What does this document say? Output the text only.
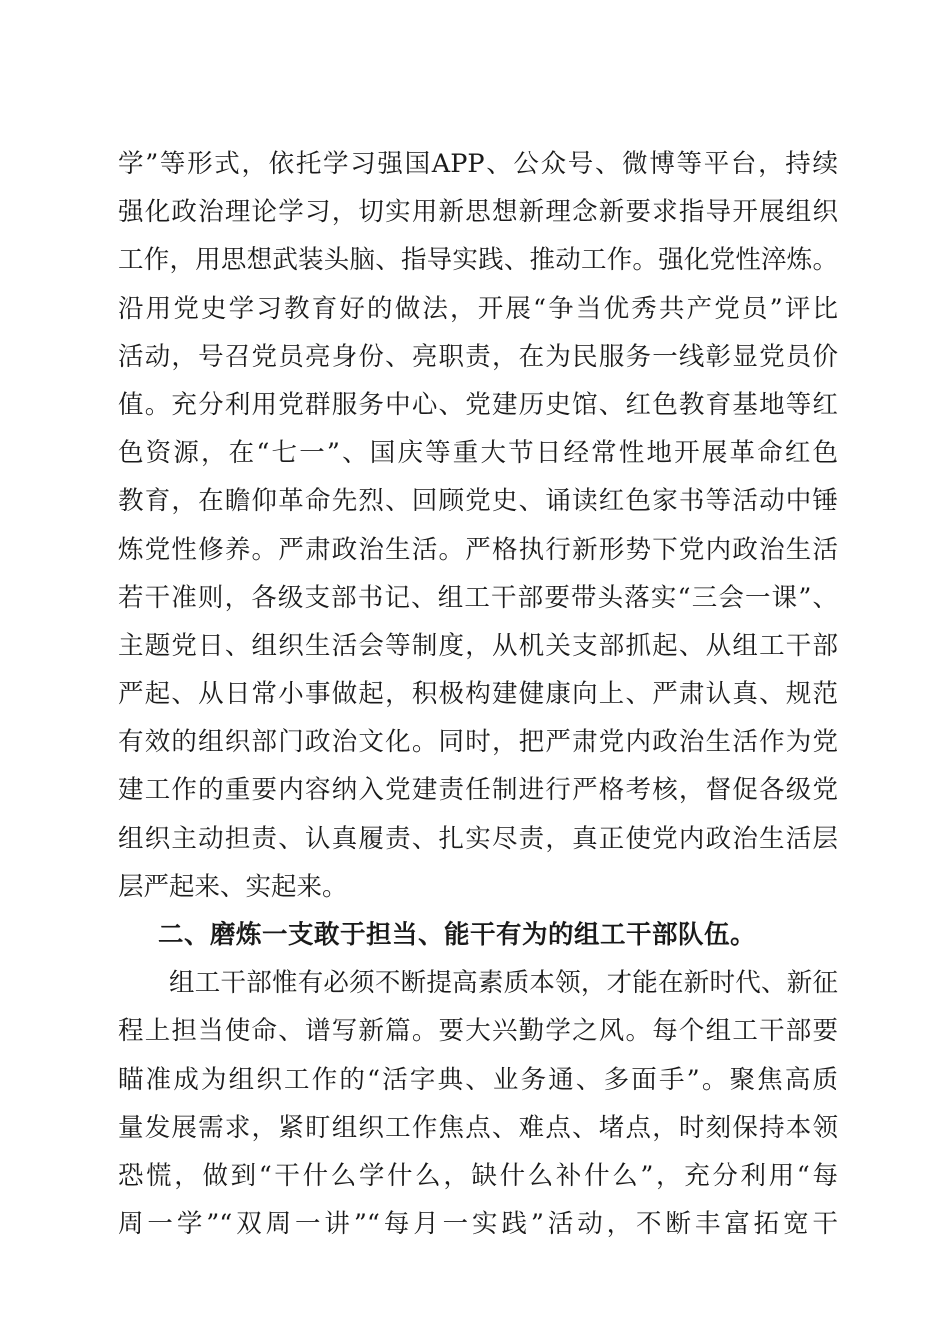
学”等形式，依托学习强国APP、公众号、微博等平台，持续
强化政治理论学习，切实用新思想新理念新要求指导开展组织
工作，用思想武装头脑、指导实践、推动工作。强化党性淬炼。
沿用党史学习教育好的做法，开展“争当优秀共产党员”评比
活动，号召党员亮身份、亮职责，在为民服务一线彰显党员价
值。充分利用党群服务中心、党建历史馆、红色教育基地等红
色资源，在“七一”、国庆等重大节日经常性地开展革命红色
教育，在瞻仰革命先烈、回顾党史、诵读红色家书等活动中锤
炼党性修养。严肃政治生活。严格执行新形势下党内政治生活
若干准则，各级支部书记、组工干部要带头落实“三会一课”、
主题党日、组织生活会等制度，从机关支部抓起、从组工干部
严起、从日常小事做起，积极构建健康向上、严肃认真、规范
有效的组织部门政治文化。同时，把严肃党内政治生活作为党
建工作的重要内容纳入党建责任制进行严格考核，督促各级党
组织主动担责、认真履责、扎实尽责，真正使党内政治生活层
层严起来、实起来。
二、磨炼一支敢于担当、能干有为的组工干部队伍。
组工干部惟有必须不断提高素质本领，才能在新时代、新征
程上担当使命、谱写新篇。要大兴勤学之风。每个组工干部要
瞄准成为组织工作的“活字典、业务通、多面手”。聚焦高质
量发展需求，紧盯组织工作焦点、难点、堵点，时刻保持本领
恐慌，做到“干什么学什么，缺什么补什么”，充分利用“每
周一学”“双周一讲”“每月一实践”活动，不断丰富拓宽干
